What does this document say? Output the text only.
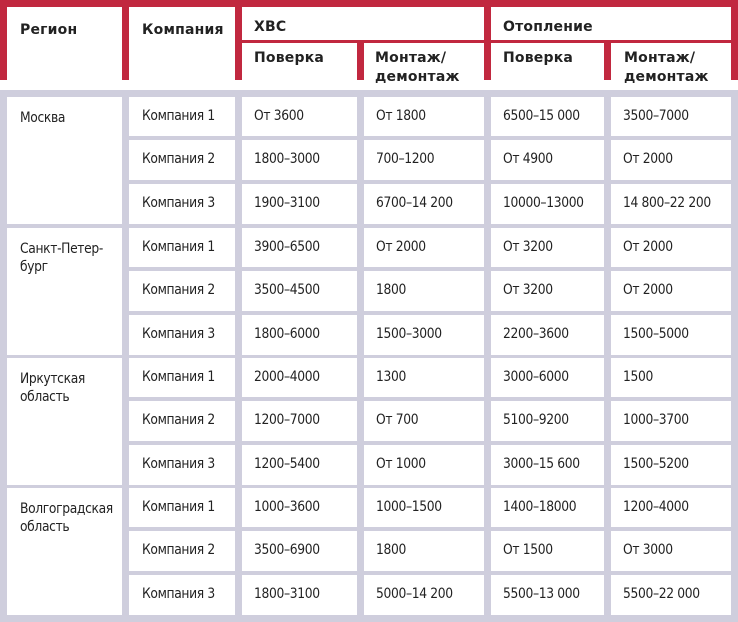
Регион	Компания	ХВС	Отопление
Поверка	Монтаж/ демонтаж
Поверка	Монтаж/ демонтаж
Москва	Компания 1	От 3600	От 1800	6500–15 000	3500–7000
Компания 2	1800–3000	700–1200	От 4900	От 2000
Компания 3	1900–3100	6700–14 200	10000–13000	14 800–22 200
Санкт-Петер-бург
Компания 1	3900–6500	От 2000	От 3200	От 2000
Компания 2	3500–4500	1800	От 3200	От 2000
Компания 3	1800–6000	1500–3000	2200–3600	1500–5000
Иркутская область
Компания 1	2000–4000	1300	3000–6000	1500
Компания 2	1200–7000	От 700	5100–9200	1000–3700
Компания 3	1200–5400	От 1000	3000–15 600	1500–5200
Волгоградская область
Компания 1	1000–3600	1000–1500	1400–18000	1200–4000
Компания 2	3500–6900	1800	От 1500	От 3000
Компания 3	1800–3100	5000–14 200	5500–13 000	5500–22 000
